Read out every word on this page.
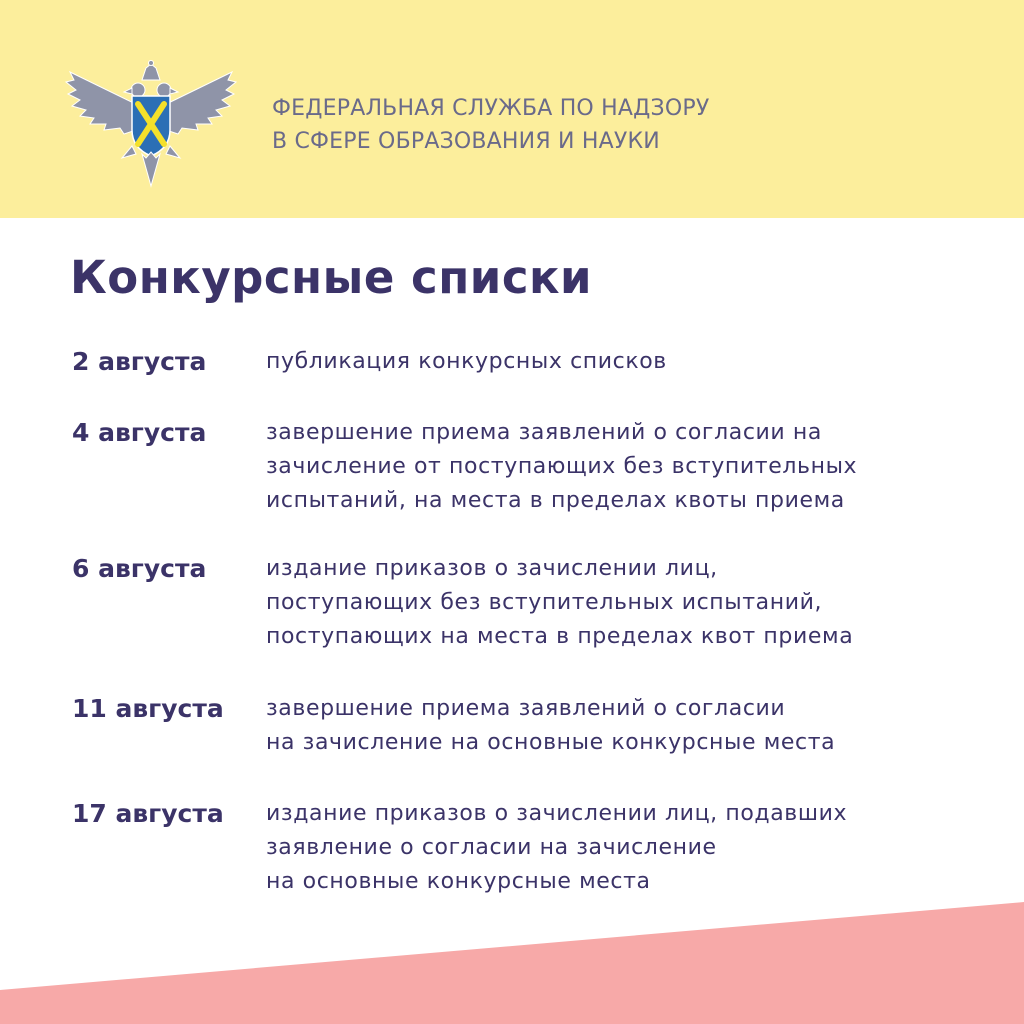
ФЕДЕРАЛЬНАЯ СЛУЖБА ПО НАДЗОРУ
В СФЕРЕ ОБРАЗОВАНИЯ И НАУКИ
Конкурсные списки
2 августа	публикация конкурсных списков
4 августа	завершение приема заявлений о согласии на
зачисление от поступающих без вступительных
испытаний, на места в пределах квоты приема
6 августа	издание приказов о зачислении лиц,
поступающих без вступительных испытаний,
поступающих на места в пределах квот приема
11 августа завершение приема заявлений о согласии
на зачисление на основные конкурсные места
17 августа издание приказов о зачислении лиц, подавших
заявление о согласии на зачисление
на основные конкурсные места
